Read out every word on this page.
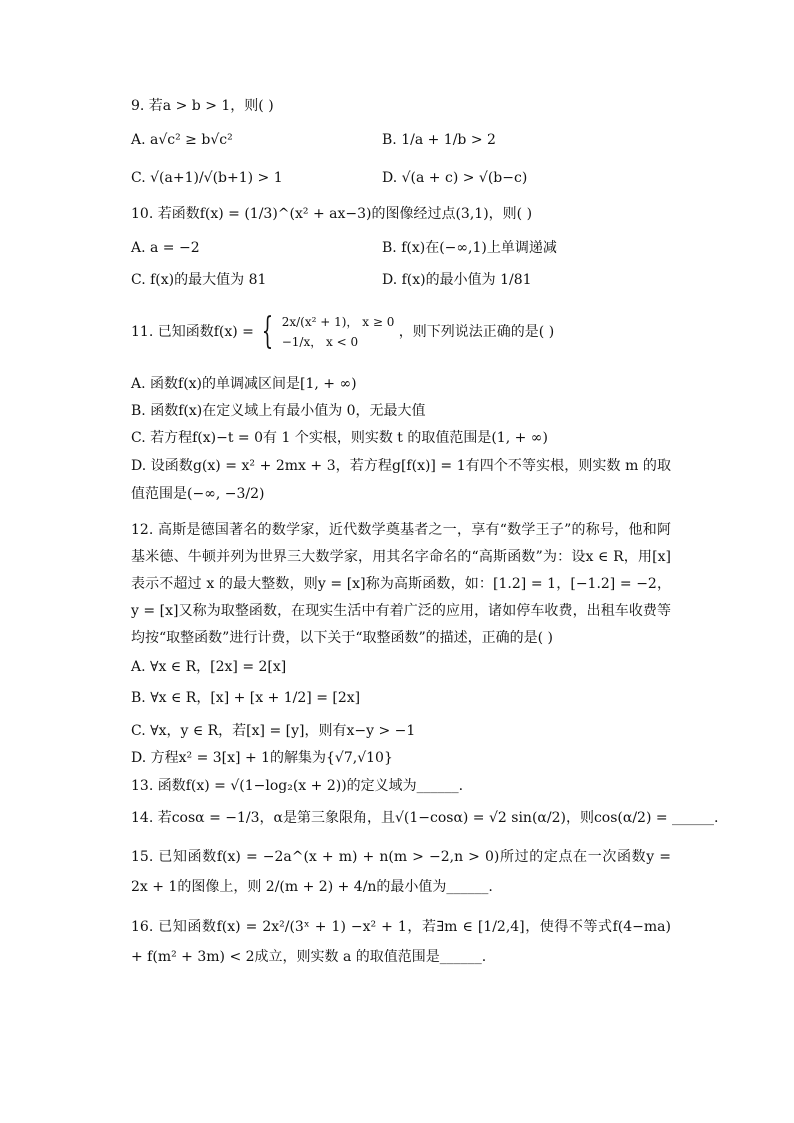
9. 若a > b > 1，则( )
A. a√c² ≥ b√c²	B. 1/a + 1/b > 2
C. √(a+1)/√(b+1) > 1	D. √(a + c) > √(b−c)
10. 若函数f(x) = (1/3)^(x² + ax−3)的图像经过点(3,1)，则( )
A. a = −2	B. f(x)在(−∞,1)上单调递减
C. f(x)的最大值为 81	D. f(x)的最小值为 1/81
11. 已知函数f(x) = { 2x/(x² + 1)， x ≥ 0
−1/x， x < 0
，则下列说法正确的是( )
A. 函数f(x)的单调减区间是[1, + ∞)
B. 函数f(x)在定义域上有最小值为 0，无最大值
C. 若方程f(x)−t = 0有 1 个实根，则实数 t 的取值范围是(1, + ∞)
D. 设函数g(x) = x² + 2mx + 3，若方程g[f(x)] = 1有四个不等实根，则实数 m 的取值范围是(−∞, −3/2)
12. 高斯是德国著名的数学家，近代数学奠基者之一，享有“数学王子”的称号，他和阿基米德、牛顿并列为世界三大数学家，用其名字命名的“高斯函数”为：设x ∈ R，用[x]表示不超过 x 的最大整数，则y = [x]称为高斯函数，如：[1.2] = 1，[−1.2] = −2，y = [x]又称为取整函数，在现实生活中有着广泛的应用，诸如停车收费，出租车收费等均按“取整函数”进行计费，以下关于“取整函数”的描述，正确的是( )
A. ∀x ∈ R，[2x] = 2[x]
B. ∀x ∈ R，[x] + [x + 1/2] = [2x]
C. ∀x，y ∈ R，若[x] = [y]，则有x−y > −1
D. 方程x² = 3[x] + 1的解集为{√7,√10}
13. 函数f(x) = √(1−log₂(x + 2))的定义域为______.
14. 若cosα = −1/3，α是第三象限角，且√(1−cosα) = √2 sin(α/2)，则cos(α/2) = ______.
15. 已知函数f(x) = −2a^(x + m) + n(m > −2,n > 0)所过的定点在一次函数y = 2x + 1的图像上，则 2/(m + 2) + 4/n的最小值为______.
16. 已知函数f(x) = 2x²/(3ˣ + 1) −x² + 1，若∃m ∈ [1/2,4]，使得不等式f(4−ma) + f(m² + 3m) < 2成立，则实数 a 的取值范围是______.
